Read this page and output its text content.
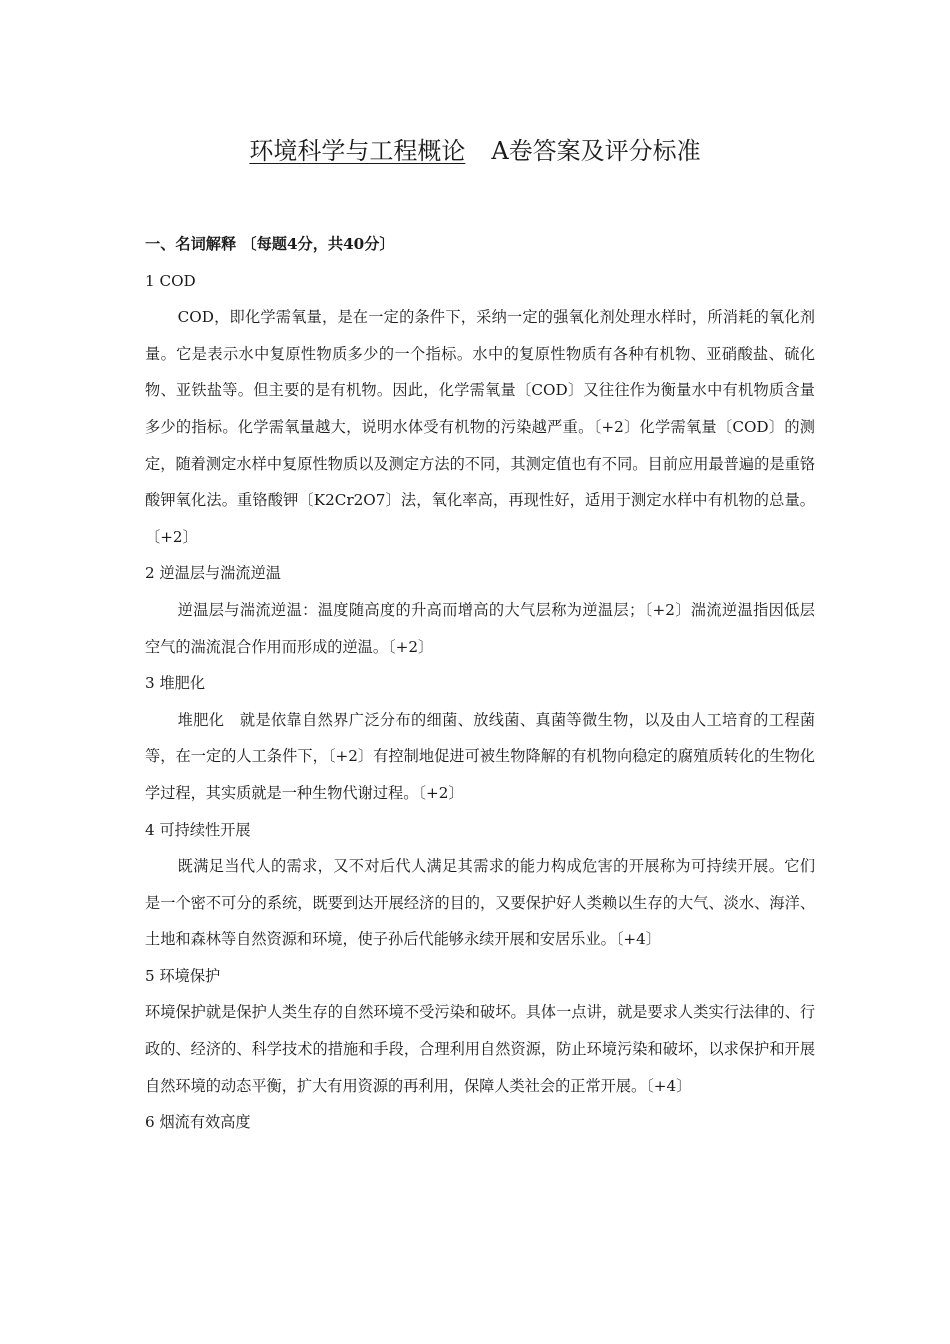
环境科学与工程概论 A卷答案及评分标准

一、名词解释 〔每题4分，共40分〕

1 COD

COD，即化学需氧量，是在一定的条件下，采纳一定的强氧化剂处理水样时，所消耗的氧化剂量。它是表示水中复原性物质多少的一个指标。水中的复原性物质有各种有机物、亚硝酸盐、硫化物、亚铁盐等。但主要的是有机物。因此，化学需氧量〔COD〕又往往作为衡量水中有机物质含量多少的指标。化学需氧量越大，说明水体受有机物的污染越严重。〔+2〕化学需氧量〔COD〕的测定，随着测定水样中复原性物质以及测定方法的不同，其测定值也有不同。目前应用最普遍的是重铬酸钾氧化法。重铬酸钾〔K2Cr2O7〕法，氧化率高，再现性好，适用于测定水样中有机物的总量。〔+2〕

2 逆温层与湍流逆温

逆温层与湍流逆温：温度随高度的升高而增高的大气层称为逆温层；〔+2〕湍流逆温指因低层空气的湍流混合作用而形成的逆温。〔+2〕

3 堆肥化

堆肥化　就是依靠自然界广泛分布的细菌、放线菌、真菌等微生物，以及由人工培育的工程菌等，在一定的人工条件下，〔+2〕有控制地促进可被生物降解的有机物向稳定的腐殖质转化的生物化学过程，其实质就是一种生物代谢过程。〔+2〕

4 可持续性开展

既满足当代人的需求，又不对后代人满足其需求的能力构成危害的开展称为可持续开展。它们是一个密不可分的系统，既要到达开展经济的目的，又要保护好人类赖以生存的大气、淡水、海洋、土地和森林等自然资源和环境，使子孙后代能够永续开展和安居乐业。〔+4〕

5 环境保护

环境保护就是保护人类生存的自然环境不受污染和破坏。具体一点讲，就是要求人类实行法律的、行政的、经济的、科学技术的措施和手段，合理利用自然资源，防止环境污染和破坏，以求保护和开展自然环境的动态平衡，扩大有用资源的再利用，保障人类社会的正常开展。〔+4〕

6 烟流有效高度
